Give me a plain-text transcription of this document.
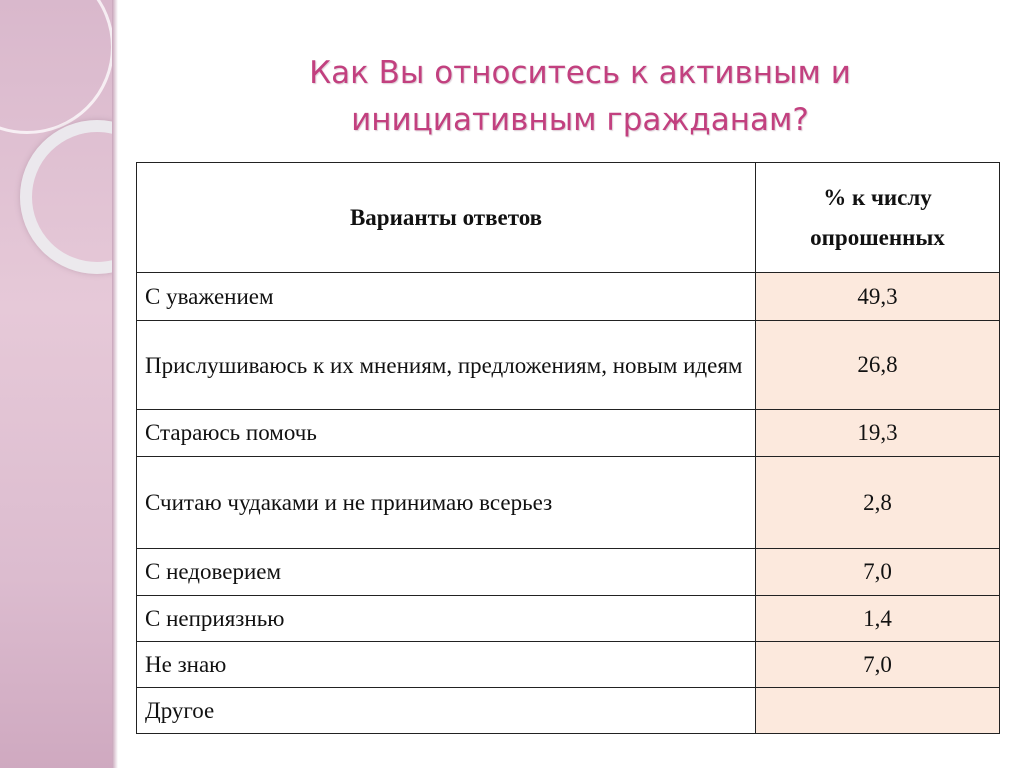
Как Вы относитесь к активным и
инициативным гражданам?
Варианты ответов	% к числу опрошенных
С уважением	49,3
Прислушиваюсь к их мнениям, предложениям, новым идеям	26,8
Стараюсь помочь	19,3
Считаю чудаками и не принимаю всерьез	2,8
С недоверием	7,0
С неприязнью	1,4
Не знаю	7,0
Другое	
